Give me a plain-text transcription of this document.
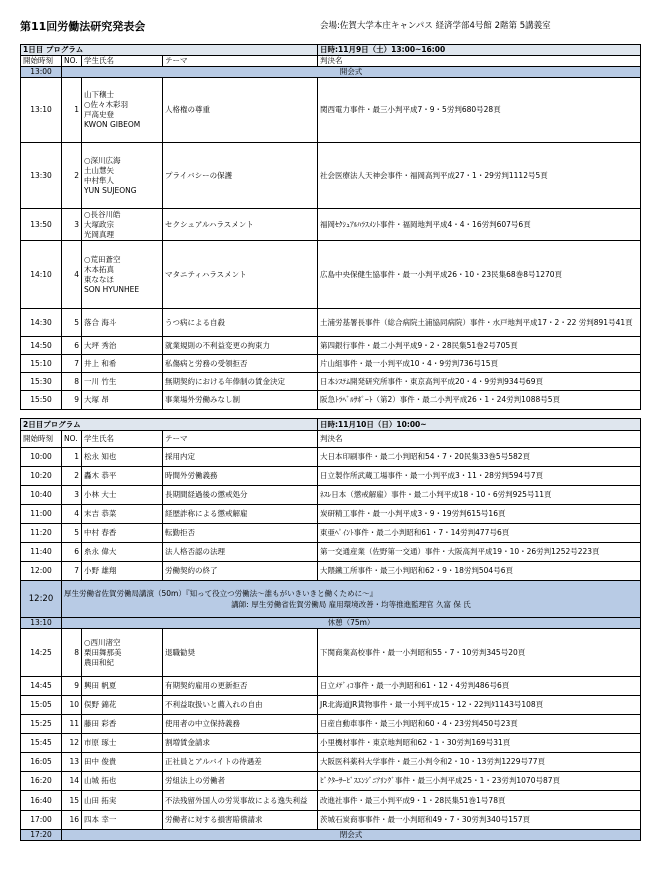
第11回労働法研究発表会	会場:佐賀大学本庄キャンパス 経済学部4号館 2階第 5講義室
1日目 プログラム				日時:11月9日（土）13:00~16:00
開始時刻	NO.	学生氏名	テーマ	判決名
13:00	開会式			
13:10	1	山下穣士
○佐々木彩羽
戸高史登
KWON GIBEOM	人格権の尊重	関西電力事件・最三小判平成7・9・5労判680号28頁
13:30	2	○深川広海
土山慧矢
中村隼人
YUN SUJEONG	プライバシーの保護	社会医療法人天神会事件・福岡高判平成27・1・29労判1112号5頁
13:50	3	○長谷川皓
大塚政宗
光岡真理	セクシュアルハラスメント	福岡ｾｸｼｭｱﾙﾊﾗｽﾒﾝﾄ事件・福岡地判平成4・4・16労判607号6頁
14:10	4	○荒田蒼空
木本拓真
東ななほ
SON HYUNHEE	マタニティハラスメント	広島中央保健生協事件・最一小判平成26・10・23民集68巻8号1270頁
14:30	5	落合 海斗	うつ病による自殺	土浦労基署長事件（総合病院土浦協同病院）事件・水戸地判平成17・2・22 労判891号41頁
14:50	6	大坪 秀治	就業規則の不利益変更の拘束力	第四銀行事件・最二小判平成9・2・28民集51巻2号705頁
15:10	7	井上 和希	私傷病と労務の受領拒否	片山組事件・最一小判平成10・4・9労判736号15頁
15:30	8	一川 竹生	無期契約における年俸制の賃金決定	日本ｼｽﾃﾑ開発研究所事件・東京高判平成20・4・9労判934号69頁
15:50	9	大塚 昂	事業場外労働みなし制	阪急ﾄﾗﾍﾞﾙｻﾎﾟｰﾄ（第2）事件・最二小判平成26・1・24労判1088号5頁
2日目プログラム				日時:11月10日（日）10:00~
開始時刻	NO.	学生氏名	テーマ	判決名
10:00	1	松永 知也	採用内定	大日本印刷事件・最二小判昭和54・7・20民集33巻5号582頁
10:20	2	轟木 恭平	時間外労働義務	日立製作所武蔵工場事件・最一小判平成3・11・28労判594号7頁
10:40	3	小林 大士	長期間経過後の懲戒処分	ﾈｽﾚ日本（懲戒解雇）事件・最二小判平成18・10・6労判925号11頁
11:00	4	末吉 恭菜	経歴詐称による懲戒解雇	炭研精工事件・最一小判平成3・9・19労判615号16頁
11:20	5	中村 春香	転勤拒否	東亜ﾍﾟｲﾝﾄ事件・最二小判昭和61・7・14労判477号6頁
11:40	6	糸永 偉大	法人格否認の法理	第一交通産業（佐野第一交通）事件・大阪高判平成19・10・26労判1252号223頁
12:00	7	小野 雄翔	労働契約の終了	大隈鐵工所事件・最三小判昭和62・9・18労判504号6頁
12:20	厚生労働省佐賀労働局講演（50m）『知って役立つ労働法～誰もがいきいきと働くために～』
講師: 厚生労働省佐賀労働局 雇用環境改善・均等推進監理官 久富 保 氏			

13:10	休憩（75m）			
14:25	8	○西川渚空
栗田舞那美
農田和紀	退職勧奨	下関商業高校事件・最一小判昭和55・7・10労判345号20頁
14:45	9	興田 帆夏	有期契約雇用の更新拒否	日立ﾒﾃﾞｨｺ事件・最一小判昭和61・12・4労判486号6頁
15:05	10	俣野 錦花	不利益取扱いと薦入れの自由	JR北海道JR貨物事件・最一小判平成15・12・22判ﾀ1143号108頁
15:25	11	藤田 彩香	使用者の中立保持義務	日産自動車事件・最三小判昭和60・4・23労判450号23頁
15:45	12	市原 琢士	割増賃金請求	小里機材事件・東京地判昭和62・1・30労判169号31頁
16:05	13	田中 俊貴	正社員とアルバイトの待遇差	大阪医科薬科大学事件・最三小判令和2・10・13労判1229号77頁
16:20	14	山城 拓也	労組法上の労働者	ﾋﾞｸﾀｰｻｰﾋﾞｽｴﾝｼﾞﾆｱﾘﾝｸﾞ事件・最三小判平成25・1・23労判1070号87頁
16:40	15	山田 拓実	不法残留外国人の労災事故による逸失利益	改進社事件・最三小判平成9・1・28民集51巻1号78頁
17:00	16	四本 幸一	労働者に対する損害賠償請求	茨城石炭商事事件・最一小判昭和49・7・30労判340号157頁
17:20	閉会式			
